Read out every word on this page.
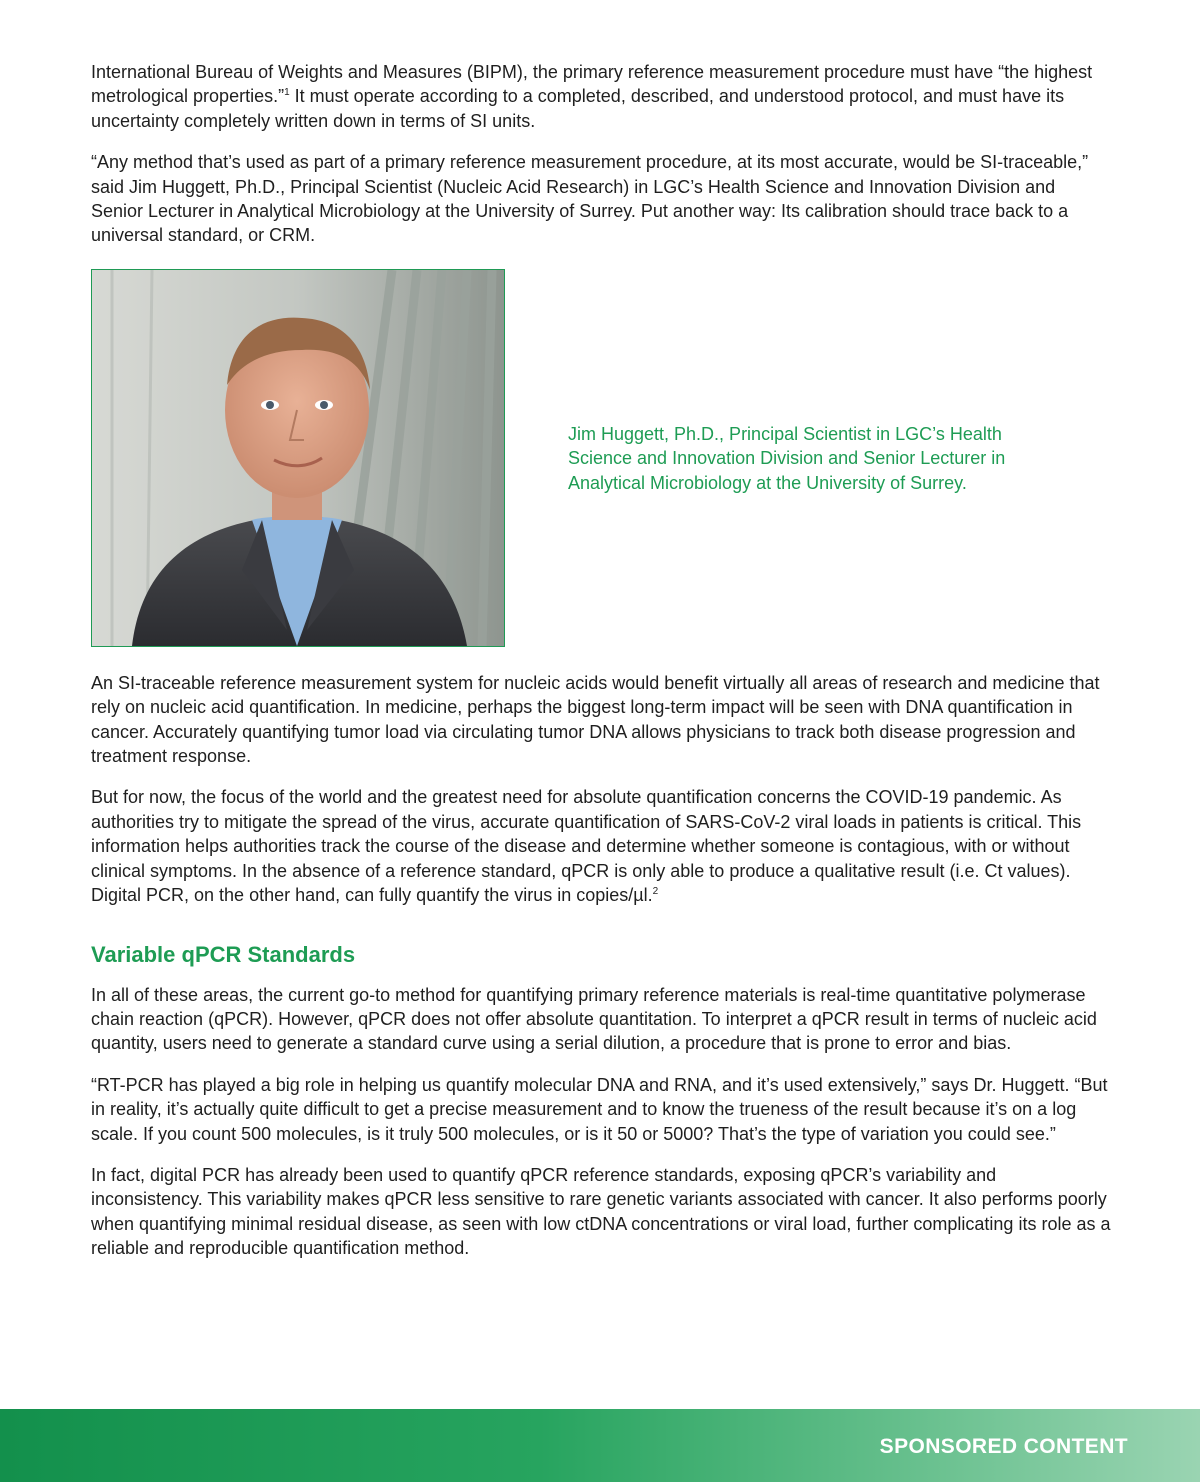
International Bureau of Weights and Measures (BIPM), the primary reference measurement procedure must have “the highest metrological properties.”$^1$ It must operate according to a completed, described, and understood protocol, and must have its uncertainty completely written down in terms of SI units.

“Any method that’s used as part of a primary reference measurement procedure, at its most accurate, would be SI-traceable,” said Jim Huggett, Ph.D., Principal Scientist (Nucleic Acid Research) in LGC’s Health Science and Innovation Division and Senior Lecturer in Analytical Microbiology at the University of Surrey. Put another way: Its calibration should trace back to a universal standard, or CRM.

Jim Huggett, Ph.D., Principal Scientist in LGC’s Health Science and Innovation Division and Senior Lecturer in Analytical Microbiology at the University of Surrey.

An SI-traceable reference measurement system for nucleic acids would benefit virtually all areas of research and medicine that rely on nucleic acid quantification. In medicine, perhaps the biggest long-term impact will be seen with DNA quantification in cancer. Accurately quantifying tumor load via circulating tumor DNA allows physicians to track both disease progression and treatment response.

But for now, the focus of the world and the greatest need for absolute quantification concerns the COVID-19 pandemic. As authorities try to mitigate the spread of the virus, accurate quantification of SARS-CoV-2 viral loads in patients is critical. This information helps authorities track the course of the disease and determine whether someone is contagious, with or without clinical symptoms. In the absence of a reference standard, qPCR is only able to produce a qualitative result (i.e. Ct values). Digital PCR, on the other hand, can fully quantify the virus in copies/µl.$^2$

Variable qPCR Standards

In all of these areas, the current go-to method for quantifying primary reference materials is real-time quantitative polymerase chain reaction (qPCR). However, qPCR does not offer absolute quantitation. To interpret a qPCR result in terms of nucleic acid quantity, users need to generate a standard curve using a serial dilution, a procedure that is prone to error and bias.

“RT-PCR has played a big role in helping us quantify molecular DNA and RNA, and it’s used extensively,” says Dr. Huggett. “But in reality, it’s actually quite difficult to get a precise measurement and to know the trueness of the result because it’s on a log scale. If you count 500 molecules, is it truly 500 molecules, or is it 50 or 5000? That’s the type of variation you could see.”

In fact, digital PCR has already been used to quantify qPCR reference standards, exposing qPCR’s variability and inconsistency. This variability makes qPCR less sensitive to rare genetic variants associated with cancer. It also performs poorly when quantifying minimal residual disease, as seen with low ctDNA concentrations or viral load, further complicating its role as a reliable and reproducible quantification method.

SPONSORED CONTENT
